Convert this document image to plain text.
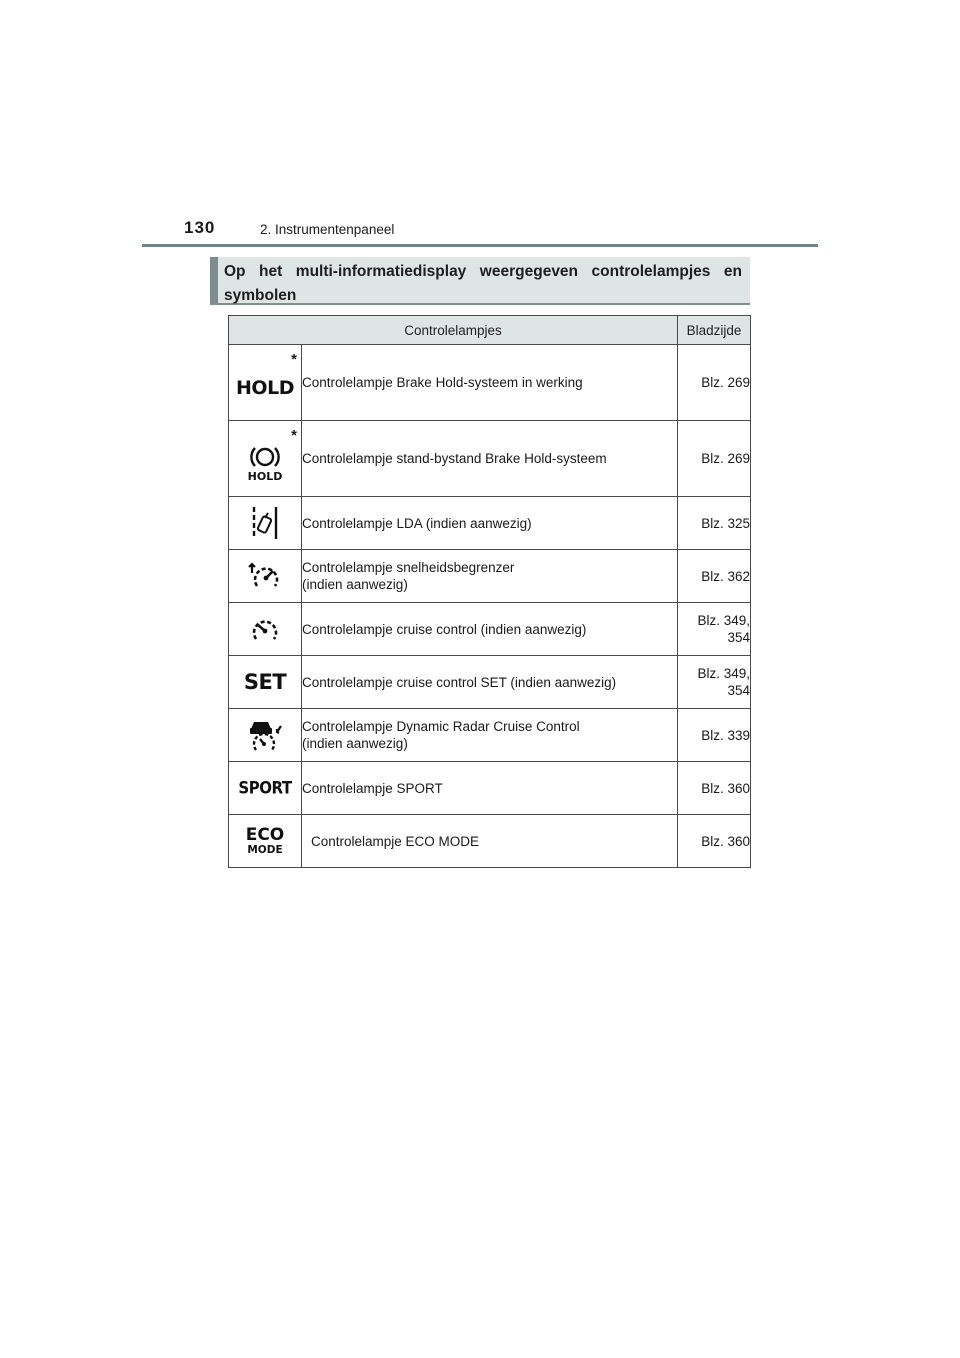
130	2. Instrumentenpaneel

Op het multi-informatiedisplay weergegeven controlelampjes en symbolen

Controlelampjes		Bladzijde

*
HOLD	Controlelampje Brake Hold-systeem in werking	Blz. 269

*
HOLD	Controlelampje stand-bystand Brake Hold-systeem	Blz. 269

Controlelampje LDA (indien aanwezig)	Blz. 325

Controlelampje snelheidsbegrenzer
(indien aanwezig)	Blz. 362

Controlelampje cruise control (indien aanwezig)	Blz. 349,
354

SET	Controlelampje cruise control SET (indien aanwezig)	Blz. 349,
354

Controlelampje Dynamic Radar Cruise Control
(indien aanwezig)	Blz. 339

SPORT	Controlelampje SPORT	Blz. 360

ECO
MODE	Controlelampje ECO MODE	Blz. 360
